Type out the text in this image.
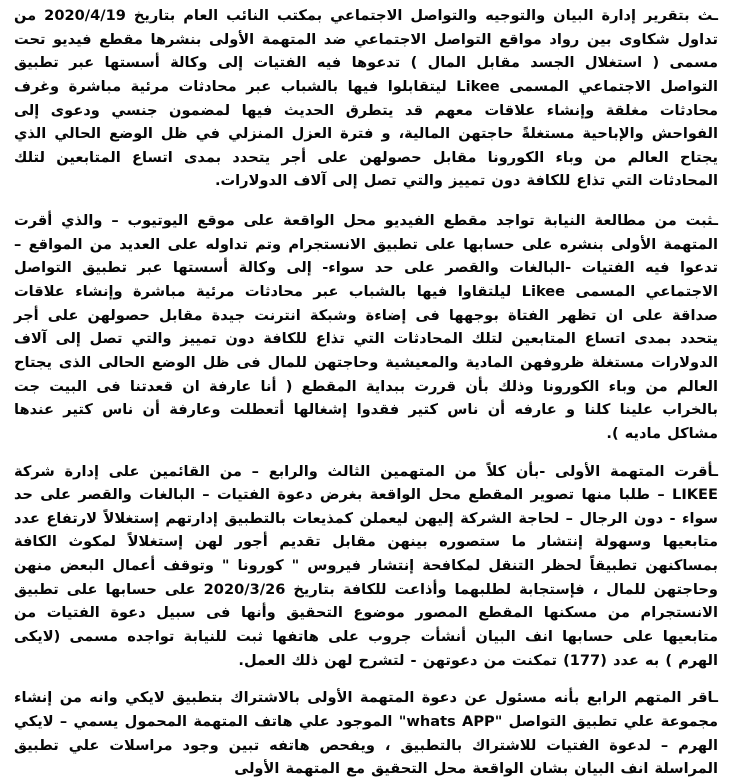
ـث بتقرير إدارة البيان والتوجيه والتواصل الاجتماعي بمكتب النائب العام بتاريخ 2020/4/19 من تداول شكاوى بين رواد مواقع التواصل الاجتماعي ضد المتهمة الأولى بنشرها مقطع فيديو تحت مسمى ( استغلال الجسد مقابل المال ) تدعوها فيه الفتيات إلى وكالة أسستها عبر تطبيق التواصل الاجتماعي المسمى Likee ليتقابلوا فيها بالشباب عبر محادثات مرئية مباشرة وغرف محادثات مغلقة وإنشاء علاقات معهم قد يتطرق الحديث فيها لمضمون جنسي ودعوى إلى الفواحش والإباحية مستغلةً حاجتهن المالية، و فترة العزل المنزلي في ظل الوضع الحالي الذي يجتاح العالم من وباء الكورونا مقابل حصولهن على أجر يتحدد بمدى اتساع المتابعين لتلك المحادثات التي تذاع للكافة دون تمييز والتي تصل إلى آلاف الدولارات.

ـثبت من مطالعة النيابة تواجد مقطع الفيديو محل الواقعة على موقع اليوتيوب – والذي أقرت المتهمة الأولى بنشره على حسابها على تطبيق الانستجرام وتم تداوله على العديد من المواقع – تدعوا فيه الفتيات -البالغات والقصر على حد سواء- إلى وكالة أسستها عبر تطبيق التواصل الاجتماعي المسمى Likee ليلتقاوا فيها بالشباب عبر محادثات مرئية مباشرة وإنشاء علاقات صداقة على ان تظهر الفتاة بوجهها فى إضاءة وشبكة انترنت جيدة مقابل حصولهن على أجر يتحدد بمدى اتساع المتابعين لتلك المحادثات التي تذاع للكافة دون تمييز والتي تصل إلى آلاف الدولارات مستغلة ظروفهن المادية والمعيشية وحاجتهن للمال فى ظل الوضع الحالى الذى يجتاح العالم من وباء الكورونا وذلك بأن قررت ببداية المقطع ( أنا عارفة ان قعدتنا فى البيت جت بالخراب علينا كلنا و عارفه أن ناس كتير فقدوا إشغالها أتعطلت وعارفة أن ناس كتير عندها مشاكل ماديه ).

ـأقرت المتهمة الأولى -بأن كلاً من المتهمين الثالث والرابع – من القائمين على إدارة شركة LIKEE – طلبا منها تصوير المقطع محل الواقعة بغرض دعوة الفتيات – البالغات والقصر على حد سواء - دون الرجال – لحاجة الشركة إليهن ليعملن كمذيعات بالتطبيق إدارتهم إستغلالاً لارتفاع عدد متابعيها وسهولة إنتشار ما ستصوره بينهن مقابل تقديم أجور لهن إستغلالاً لمكوث الكافة بمساكنهن تطبيقاً لحظر التنقل لمكافحة إنتشار فيروس " كورونا " وتوقف أعمال البعض منهن وحاجتهن للمال ، فإستجابة لطلبهما وأذاعت للكافة بتاريخ 2020/3/26 على حسابها على تطبيق الانستجرام من مسكنها المقطع المصور موضوع التحقيق وأنها فى سبيل دعوة الفتيات من متابعيها على حسابها انف البيان أنشأت جروب على هاتفها ثبت للنيابة تواجده مسمى (لايكى الهرم ) به عدد (177) تمكنت من دعوتهن - لتشرح لهن ذلك العمل.

ـاقر المتهم الرابع بأنه مسئول عن دعوة المتهمة الأولى بالاشتراك بتطبيق لايكي وانه من إنشاء مجموعة علي تطبيق التواصل "whats APP" الموجود علي هاتف المتهمة المحمول يسمي – لايكي الهرم – لدعوة الفتيات للاشتراك بالتطبيق ، ويفحص هاتفه تبين وجود مراسلات علي تطبيق المراسلة انف البيان بشان الواقعة محل التحقيق مع المتهمة الأولى
